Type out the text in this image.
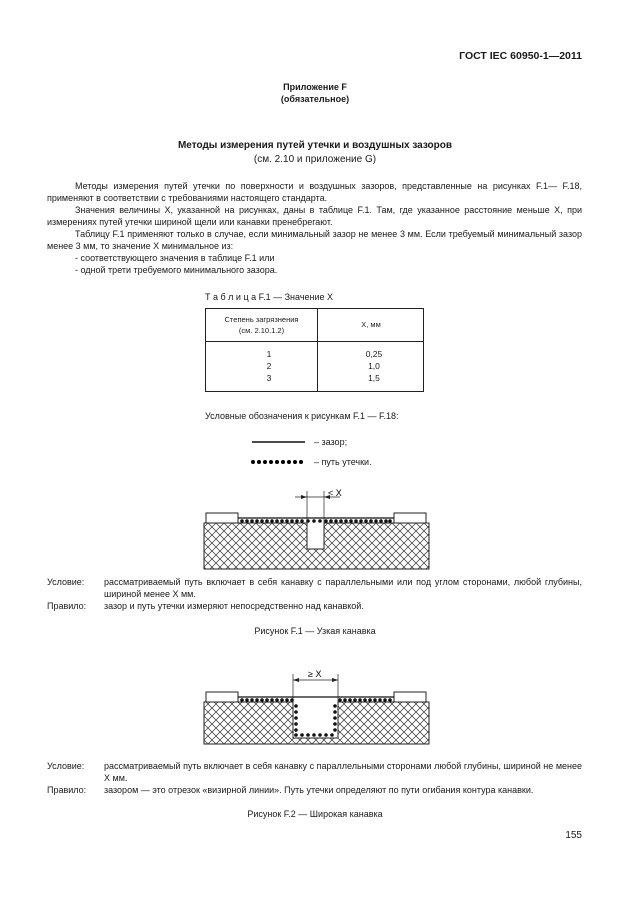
ГОСТ IEC 60950-1—2011
Приложение F
(обязательное)
Методы измерения путей утечки и воздушных зазоров
(см. 2.10 и приложение G)
Методы измерения путей утечки по поверхности и воздушных зазоров, представленные на рисунках F.1— F.18, применяют в соответствии с требованиями настоящего стандарта.
Значения величины X, указанной на рисунках, даны в таблице F.1. Там, где указанное расстояние меньше X, при измерениях путей утечки шириной щели или канавки пренебрегают.
Таблицу F.1 применяют только в случае, если минимальный зазор не менее 3 мм. Если требуемый минимальный зазор менее 3 мм, то значение X минимальное из:
- соответствующего значения в таблице F.1 или
- одной трети требуемого минимального зазора.
Т а б л и ц а F.1 — Значение X
Степень загрязнения
(см. 2.10.1.2)
X, мм
1
2
3
0,25
1,0
1,5
Условные обозначения к рисункам F.1 — F.18:
– зазор;
– путь утечки.
< X
Условие: рассматриваемый путь включает в себя канавку с параллельными или под углом сторонами, любой глубины, шириной менее X мм.
Правило: зазор и путь утечки измеряют непосредственно над канавкой.
Рисунок F.1 — Узкая канавка
≥ X
Условие: рассматриваемый путь включает в себя канавку с параллельными сторонами любой глубины, шириной не менее X мм.
Правило: зазором — это отрезок «визирной линии». Путь утечки определяют по пути огибания контура канавки.
Рисунок F.2 — Широкая канавка
155
